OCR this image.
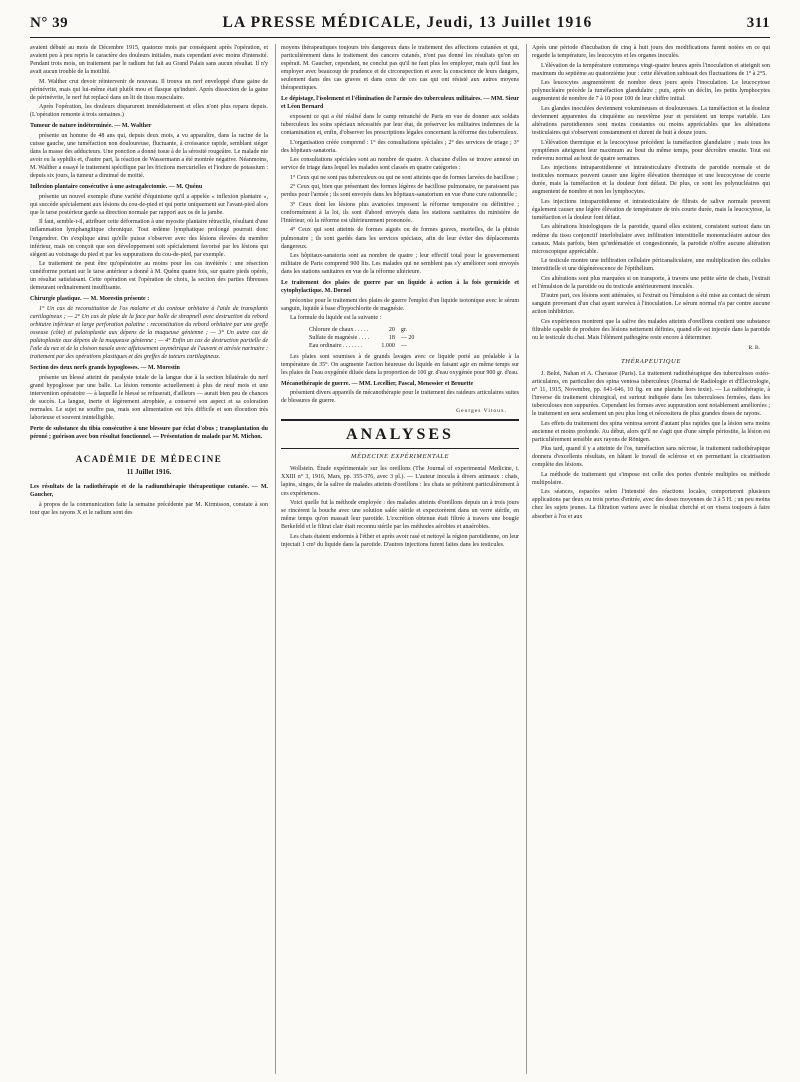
N° 39	LA PRESSE MÉDICALE, Jeudi, 13 Juillet 1916	311

avaient débuté au mois de Décembre 1915, quatorze mois par conséquent après l'opération, et avaient peu à peu repris le caractère des douleurs initiales, mais cependant avec moins d'intensité. Pendant trois mois, un traitement par le radium fut fait au Grand Palais sans aucun résultat. Il n'y avait aucun trouble de la motilité.

M. Walther crut devoir réintervenir de nouveau. Il trouva un nerf enveloppé d'une gaine de périnévrite, mais qui lui-même était plutôt mou et flasque qu'induré. Après dissection de la gaine de périnévrite, le nerf fut replacé dans un lit de tissu musculaire.

Après l'opération, les douleurs disparurent immédiatement et elles n'ont plus reparu depuis. (L'opération remonte à trois semaines.)

Tumeur de nature indéterminée. — M. Walther

présente un homme de 48 ans qui, depuis deux mois, a vu apparaître, dans la racine de la cuisse gauche, une tuméfaction non douloureuse, fluctuante, à croissance rapide, semblant siéger dans la masse des adducteurs. Une ponction a donné issue à de la sérosité rougeâtre. Le malade nie avoir eu la syphilis et, d'autre part, la réaction de Wassermann a été montrée négative. Néanmoins, M. Walther a essayé le traitement spécifique par les frictions mercurielles et l'iodure de potassium : depuis six jours, la tumeur a diminué de moitié.

Inflexion plantaire consécutive à une astragalectomie. — M. Quénu

présente un nouvel exemple d'une variété d'équinisme qu'il a appelée « inflexion plantaire », qui succède spécialement aux lésions du cou-de-pied et qui porte uniquement sur l'avant-pied alors que le tarse postérieur garde sa direction normale par rapport aux os de la jambe.

Il faut, semble-t-il, attribuer cette déformation à une myosite plantaire rétractile, résultant d'une inflammation lymphangitique chronique. Tout œdème lymphatique prolongé pourrait donc l'engendrer. On s'explique ainsi qu'elle puisse s'observer avec des lésions élevées du membre inférieur, mais on conçoit que son développement soit spécialement favorisé par les lésions qui siègent au voisinage du pied et par les suppurations du cou-de-pied, par exemple.

Le traitement ne peut être qu'opératoire au moins pour les cas invétérés : une résection cunéiforme portant sur le tarse antérieur a donné à M. Quénu quatre fois, sur quatre pieds opérés, un résultat satisfaisant. Cette opération est l'opération de choix, la section des parties fibreuses demeurant ordinairement insuffisante.

Chirurgie plastique. — M. Morestin présente :

1° Un cas de reconstitution de l'os malaire et du contour orbitaire à l'aide de transplants cartilagineux ; — 2° Un cas de plaie de la face par balle de shrapnell avec destruction du rebord orbitaire inférieur et large perforation palatine : reconstitution du rebord orbitaire par une greffe osseuse (côte) et palatoplastie aux dépens de la muqueuse génienne ; — 3° Un autre cas de palatoplastie aux dépens de la muqueuse génienne ; — 4° Enfin un cas de destruction partielle de l'aile du nez et de la cloison nasale avec affaissement asymétrique de l'auvent et atrésie narinaire : traitement par des opérations plastiques et des greffes de tuteurs cartilagineux.

Section des deux nerfs grands hypoglosses. — M. Morestin

présente un blessé atteint de paralysie totale de la langue due à la section bilatérale du nerf grand hypoglosse par une balle. La lésion remonte actuellement à plus de neuf mois et une intervention opératoire — à laquelle le blessé se refuserait, d'ailleurs — aurait bien peu de chances de succès. La langue, inerte et légèrement atrophiée, a conservé son aspect et sa coloration normales. Le sujet ne souffre pas, mais son alimentation est très difficile et son élocution très laborieuse et souvent inintelligible.

Perte de substance du tibia consécutive à une blessure par éclat d'obus ; transplantation du péroné ; guérison avec bon résultat fonctionnel. — Présentation de malade par M. Michon.

ACADÉMIE DE MÉDECINE
11 Juillet 1916.

Les résultats de la radiothérapie et de la radiumthérapie thérapeutique cutanée. — M. Gaucher,

à propos de la communication faite la semaine précédente par M. Kirmisson, constate à son tour que les rayons X et le radium sont des

moyens thérapeutiques toujours très dangereux dans le traitement des affections cutanées et qui, particulièrement dans le traitement des cancers cutanés, n'ont pas donné les résultats qu'on en espérait. M. Gaucher, cependant, ne conclut pas qu'il ne faut plus les employer, mais qu'il faut les employer avec beaucoup de prudence et de circonspection et avec la conscience de leurs dangers, seulement dans des cas graves et dans ceux de ces cas qui ont résisté aux autres moyens thérapeutiques.

Le dépistage, l'isolement et l'élimination de l'armée des tuberculeux militaires. — MM. Sieur et Léon Bernard

exposent ce qui a été réalisé dans le camp retranché de Paris en vue de donner aux soldats tuberculeux les soins spéciaux nécessités par leur état, de préserver les militaires indemnes de la contamination et, enfin, d'observer les prescriptions légales concernant la réforme des tuberculeux.

L'organisation créée comprend : 1° des consultations spéciales ; 2° des services de triage ; 3° des hôpitaux-sanatoria.

Les consultations spéciales sont au nombre de quatre. A chacune d'elles se trouve annexé un service de triage dans lequel les malades sont classés en quatre catégories :

1° Ceux qui ne sont pas tuberculeux ou qui ne sont atteints que de formes larvées de bacillose ;

2° Ceux qui, bien que présentant des formes légères de bacillose pulmonaire, ne paraissent pas perdus pour l'armée ; ils sont envoyés dans les hôpitaux-sanatorium en vue d'une cure rationnelle ;

3° Ceux dont les lésions plus avancées imposent la réforme temporaire ou définitive ; conformément à la loi, ils sont d'abord envoyés dans les stations sanitaires du ministère de l'Intérieur, où la réforme est ultérieurement prononcée.

4° Ceux qui sont atteints de formes aiguës ou de formes graves, mortelles, de la phtisie pulmonaire ; ils sont gardés dans les services spéciaux, afin de leur éviter des déplacements dangereux.

Les hôpitaux-sanatoria sont au nombre de quatre ; leur effectif total pour le gouvernement militaire de Paris comprend 900 lits. Les malades qui ne semblent pas s'y améliorer sont envoyés dans les stations sanitaires en vue de la réforme ultérieure.

Le traitement des plaies de guerre par un liquide à action à la fois germicide et cytophylactique. M. Dornel

préconise pour le traitement des plaies de guerre l'emploi d'un liquide isotonique avec le sérum sanguin, liquide à base d'hypochlorite de magnésie.

La formule du liquide est la suivante :

Chlorure de chaux . . . . .	20	gr.
Sulfate de magnésie . . . .	18	— 20
Eau ordinaire . . . . . . .	1.000	—

Les plaies sont soumises à de grands lavages avec ce liquide porté au préalable à la température de 35°. On augmente l'action heureuse du liquide en faisant agir en même temps sur les plaies de l'eau oxygénée diluée dans la proportion de 100 gr. d'eau oxygénée pour 900 gr. d'eau.

Mécanothérapie de guerre. — MM. Lecellier, Pascal, Menessier et Brouette

présentent divers appareils de mécanothérapie pour le traitement des raideurs articulaires suites de blessures de guerre.

Georges Vitoux.

ANALYSES

MÉDECINE EXPÉRIMENTALE

Wollstein. Étude expérimentale sur les oreillons (The Journal of experimental Medicine, t. XXIII n° 3, 1916, Mars, pp. 355-376, avec 3 pl.). — L'auteur inocula à divers animaux : chats, lapins, singes, de la salive de malades atteints d'oreillons : les chats se prêtèrent particulièrement à ces expériences.

Voici quelle fut la méthode employée : des malades atteints d'oreillons depuis un à trois jours se rincèrent la bouche avec une solution salée stérile et expectorèrent dans un verre stérile, en même temps qu'on massait leur parotide. L'excrétion obtenue était filtrée à travers une bougie Berkefeld et le filtrat clair était reconnu stérile par les méthodes aérobies et anaérobies.

Les chats étaient endormis à l'éther et après avoir rasé et nettoyé la région parotidienne, on leur injectait 1 cm³ du liquide dans la parotide. D'autres injections furent faites dans les testicules.

Après une période d'incubation de cinq à huit jours des modifications furent notées en ce qui regarde la température, les leucocytes et les organes inoculés.

L'élévation de la température commença vingt-quatre heures après l'inoculation et atteignit son maximum du septième au quatorzième jour : cette élévation subissait des fluctuations de 1° à 2°5.

Les leucocytes augmentèrent de nombre deux jours après l'inoculation. Le leucocytose polynucléaire précède la tuméfaction glandulaire ; puis, après un déclin, les petits lymphocytes augmentent de nombre de 7 à 10 pour 100 de leur chiffre initial.

Les glandes inoculées deviennent volumineuses et douloureuses. La tuméfaction et la douleur deviennent apparentes du cinquième au neuvième jour et persistent un temps variable. Les altérations parotidiennes sont moins constantes ou moins appréciables que les altérations testiculaires qui s'observent constamment et durent de huit à douze jours.

L'élévation thermique et la leucocytose précèdent la tuméfaction glandulaire ; mais tous les symptômes atteignent leur maximum au bout du même temps, pour décroître ensuite. Tout est redevenu normal au bout de quatre semaines.

Les injections intraparotidienne et intratesticulaire d'extraits de parotide normale et de testicules normaux peuvent causer une légère élévation thermique et une leucocytose de courte durée, mais la tuméfaction et la douleur font défaut. De plus, ce sont les polynucléaires qui augmentent de nombre et non les lymphocytes.

Les injections intraparotidienne et intratesticulaire de filtrats de salive normale peuvent également causer une légère élévation de température de très courte durée, mais la leucocytose, la tuméfaction et la douleur font défaut.

Les altérations histologiques de la parotide, quand elles existent, consistent surtout dans un œdème du tissu conjonctif interlobulaire avec infiltration interstitielle mononucléaire autour des canaux. Mais parfois, bien qu'œdématiée et congestionnée, la parotide n'offre aucune altération microscopique appréciable.

Le testicule montre une infiltration cellulaire péricanaliculaire, une multiplication des cellules interstitielle et une dégénérescence de l'épithélium.

Ces altérations sont plus marquées si on transporte, à travers une petite série de chats, l'extrait et l'émulsion de la parotide ou du testicule antérieurement inoculés.

D'autre part, ces lésions sont atténuées, si l'extrait ou l'émulsion a été mise au contact de sérum sanguin provenant d'un chat ayant survécu à l'inoculation. Le sérum normal n'a par contre aucune action inhibitrice.

Ces expériences montrent que la salive des malades atteints d'oreillons contient une substance filtrable capable de produire des lésions nettement définies, quand elle est injectée dans la parotide ou le testicule du chat. Mais l'élément pathogène reste encore à déterminer.

R. B.

THÉRAPEUTIQUE

J. Belot, Nahan et A. Chavasse (Paris). Le traitement radiothérapique des tuberculoses ostéo-articulaires, en particulier des spina ventosa tuberculeux (Journal de Radiologie et d'Électrologie, n° 11, 1915, Novembre, pp. 641-646, 10 fig. en une planche hors texte). — La radiothérapie, à l'inverse du traitement chirurgical, est surtout indiquée dans les tuberculoses fermées, dans les tuberculoses non suppurées. Cependant les formes avec suppuration sont notablement améliorées ; le traitement en sera seulement un peu plus long et nécessitera de plus grandes doses de rayons.

Les effets du traitement des spina ventosa seront d'autant plus rapides que la lésion sera moins ancienne et moins profonde. Au début, alors qu'il ne s'agit que d'une simple périostite, la lésion est particulièrement sensible aux rayons de Röntgen.

Plus tard, quand il y a atteinte de l'os, tuméfaction sans nécrose, le traitement radiothérapique donnera d'excellents résultats, en hâtant le travail de sclérose et en permettant la cicatrisation complète des lésions.

La méthode de traitement qui s'impose est celle des portes d'entrée multiples ou méthode multipolaire.

Les séances, espacées selon l'intensité des réactions locales, comporteront plusieurs applications par deux ou trois portes d'entrée, avec des doses moyennes de 3 à 5 H. ; un peu moins chez les sujets jeunes. La filtration variera avec le résultat cherché et on visera toujours à faire absorber à l'os et aux
